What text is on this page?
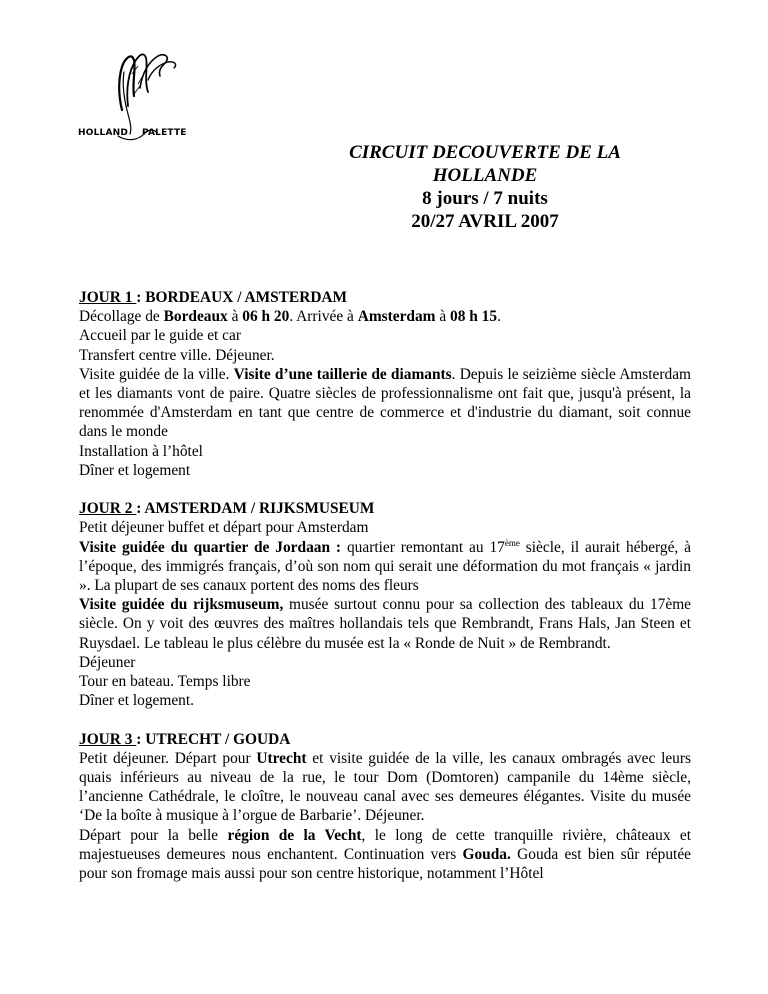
HOLLAND PALETTE
CIRCUIT DECOUVERTE DE LA
HOLLANDE
8 jours / 7 nuits
20/27 AVRIL 2007
JOUR 1 : BORDEAUX / AMSTERDAM
Décollage de Bordeaux à 06 h 20. Arrivée à Amsterdam à 08 h 15.
Accueil par le guide et car
Transfert centre ville. Déjeuner.
Visite guidée de la ville. Visite d’une taillerie de diamants. Depuis le seizième siècle Amsterdam et les diamants vont de paire. Quatre siècles de professionnalisme ont fait que, jusqu'à présent, la renommée d'Amsterdam en tant que centre de commerce et d'industrie du diamant, soit connue dans le monde
Installation à l’hôtel
Dîner et logement
JOUR 2 : AMSTERDAM / RIJKSMUSEUM
Petit déjeuner buffet et départ pour Amsterdam
Visite guidée du quartier de Jordaan : quartier remontant au 17ème siècle, il aurait hébergé, à l’époque, des immigrés français, d’où son nom qui serait une déformation du mot français « jardin ». La plupart de ses canaux portent des noms des fleurs
Visite guidée du rijksmuseum, musée surtout connu pour sa collection des tableaux du 17ème siècle. On y voit des œuvres des maîtres hollandais tels que Rembrandt, Frans Hals, Jan Steen et Ruysdael. Le tableau le plus célèbre du musée est la « Ronde de Nuit » de Rembrandt.
Déjeuner
Tour en bateau. Temps libre
Dîner et logement.
JOUR 3 : UTRECHT / GOUDA
Petit déjeuner. Départ pour Utrecht et visite guidée de la ville, les canaux ombragés avec leurs quais inférieurs au niveau de la rue, le tour Dom (Domtoren) campanile du 14ème siècle, l’ancienne Cathédrale, le cloître, le nouveau canal avec ses demeures élégantes. Visite du musée ‘De la boîte à musique à l’orgue de Barbarie’. Déjeuner.
Départ pour la belle région de la Vecht, le long de cette tranquille rivière, châteaux et majestueuses demeures nous enchantent. Continuation vers Gouda. Gouda est bien sûr réputée pour son fromage mais aussi pour son centre historique, notamment l’Hôtel
